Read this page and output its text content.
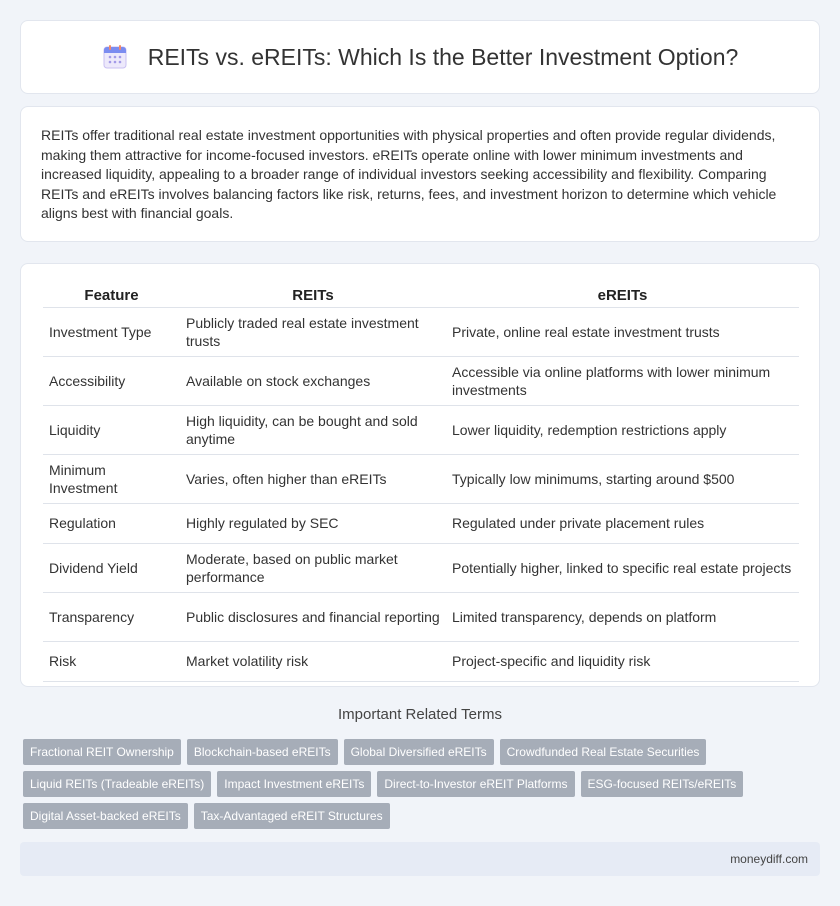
REITs vs. eREITs: Which Is the Better Investment Option?

REITs offer traditional real estate investment opportunities with physical properties and often provide regular dividends, making them attractive for income-focused investors. eREITs operate online with lower minimum investments and increased liquidity, appealing to a broader range of individual investors seeking accessibility and flexibility. Comparing REITs and eREITs involves balancing factors like risk, returns, fees, and investment horizon to determine which vehicle aligns best with financial goals.

Feature	REITs	eREITs
Investment Type	Publicly traded real estate investment trusts	Private, online real estate investment trusts
Accessibility	Available on stock exchanges	Accessible via online platforms with lower minimum investments
Liquidity	High liquidity, can be bought and sold anytime	Lower liquidity, redemption restrictions apply
Minimum Investment	Varies, often higher than eREITs	Typically low minimums, starting around $500
Regulation	Highly regulated by SEC	Regulated under private placement rules
Dividend Yield	Moderate, based on public market performance	Potentially higher, linked to specific real estate projects
Transparency	Public disclosures and financial reporting	Limited transparency, depends on platform
Risk	Market volatility risk	Project-specific and liquidity risk
Important Related Terms
Fractional REIT Ownership Blockchain-based eREITs Global Diversified eREITs Crowdfunded Real Estate Securities
Liquid REITs (Tradeable eREITs) Impact Investment eREITs Direct-to-Investor eREIT Platforms ESG-focused REITs/eREITs
Digital Asset-backed eREITs Tax-Advantaged eREIT Structures
moneydiff.com
